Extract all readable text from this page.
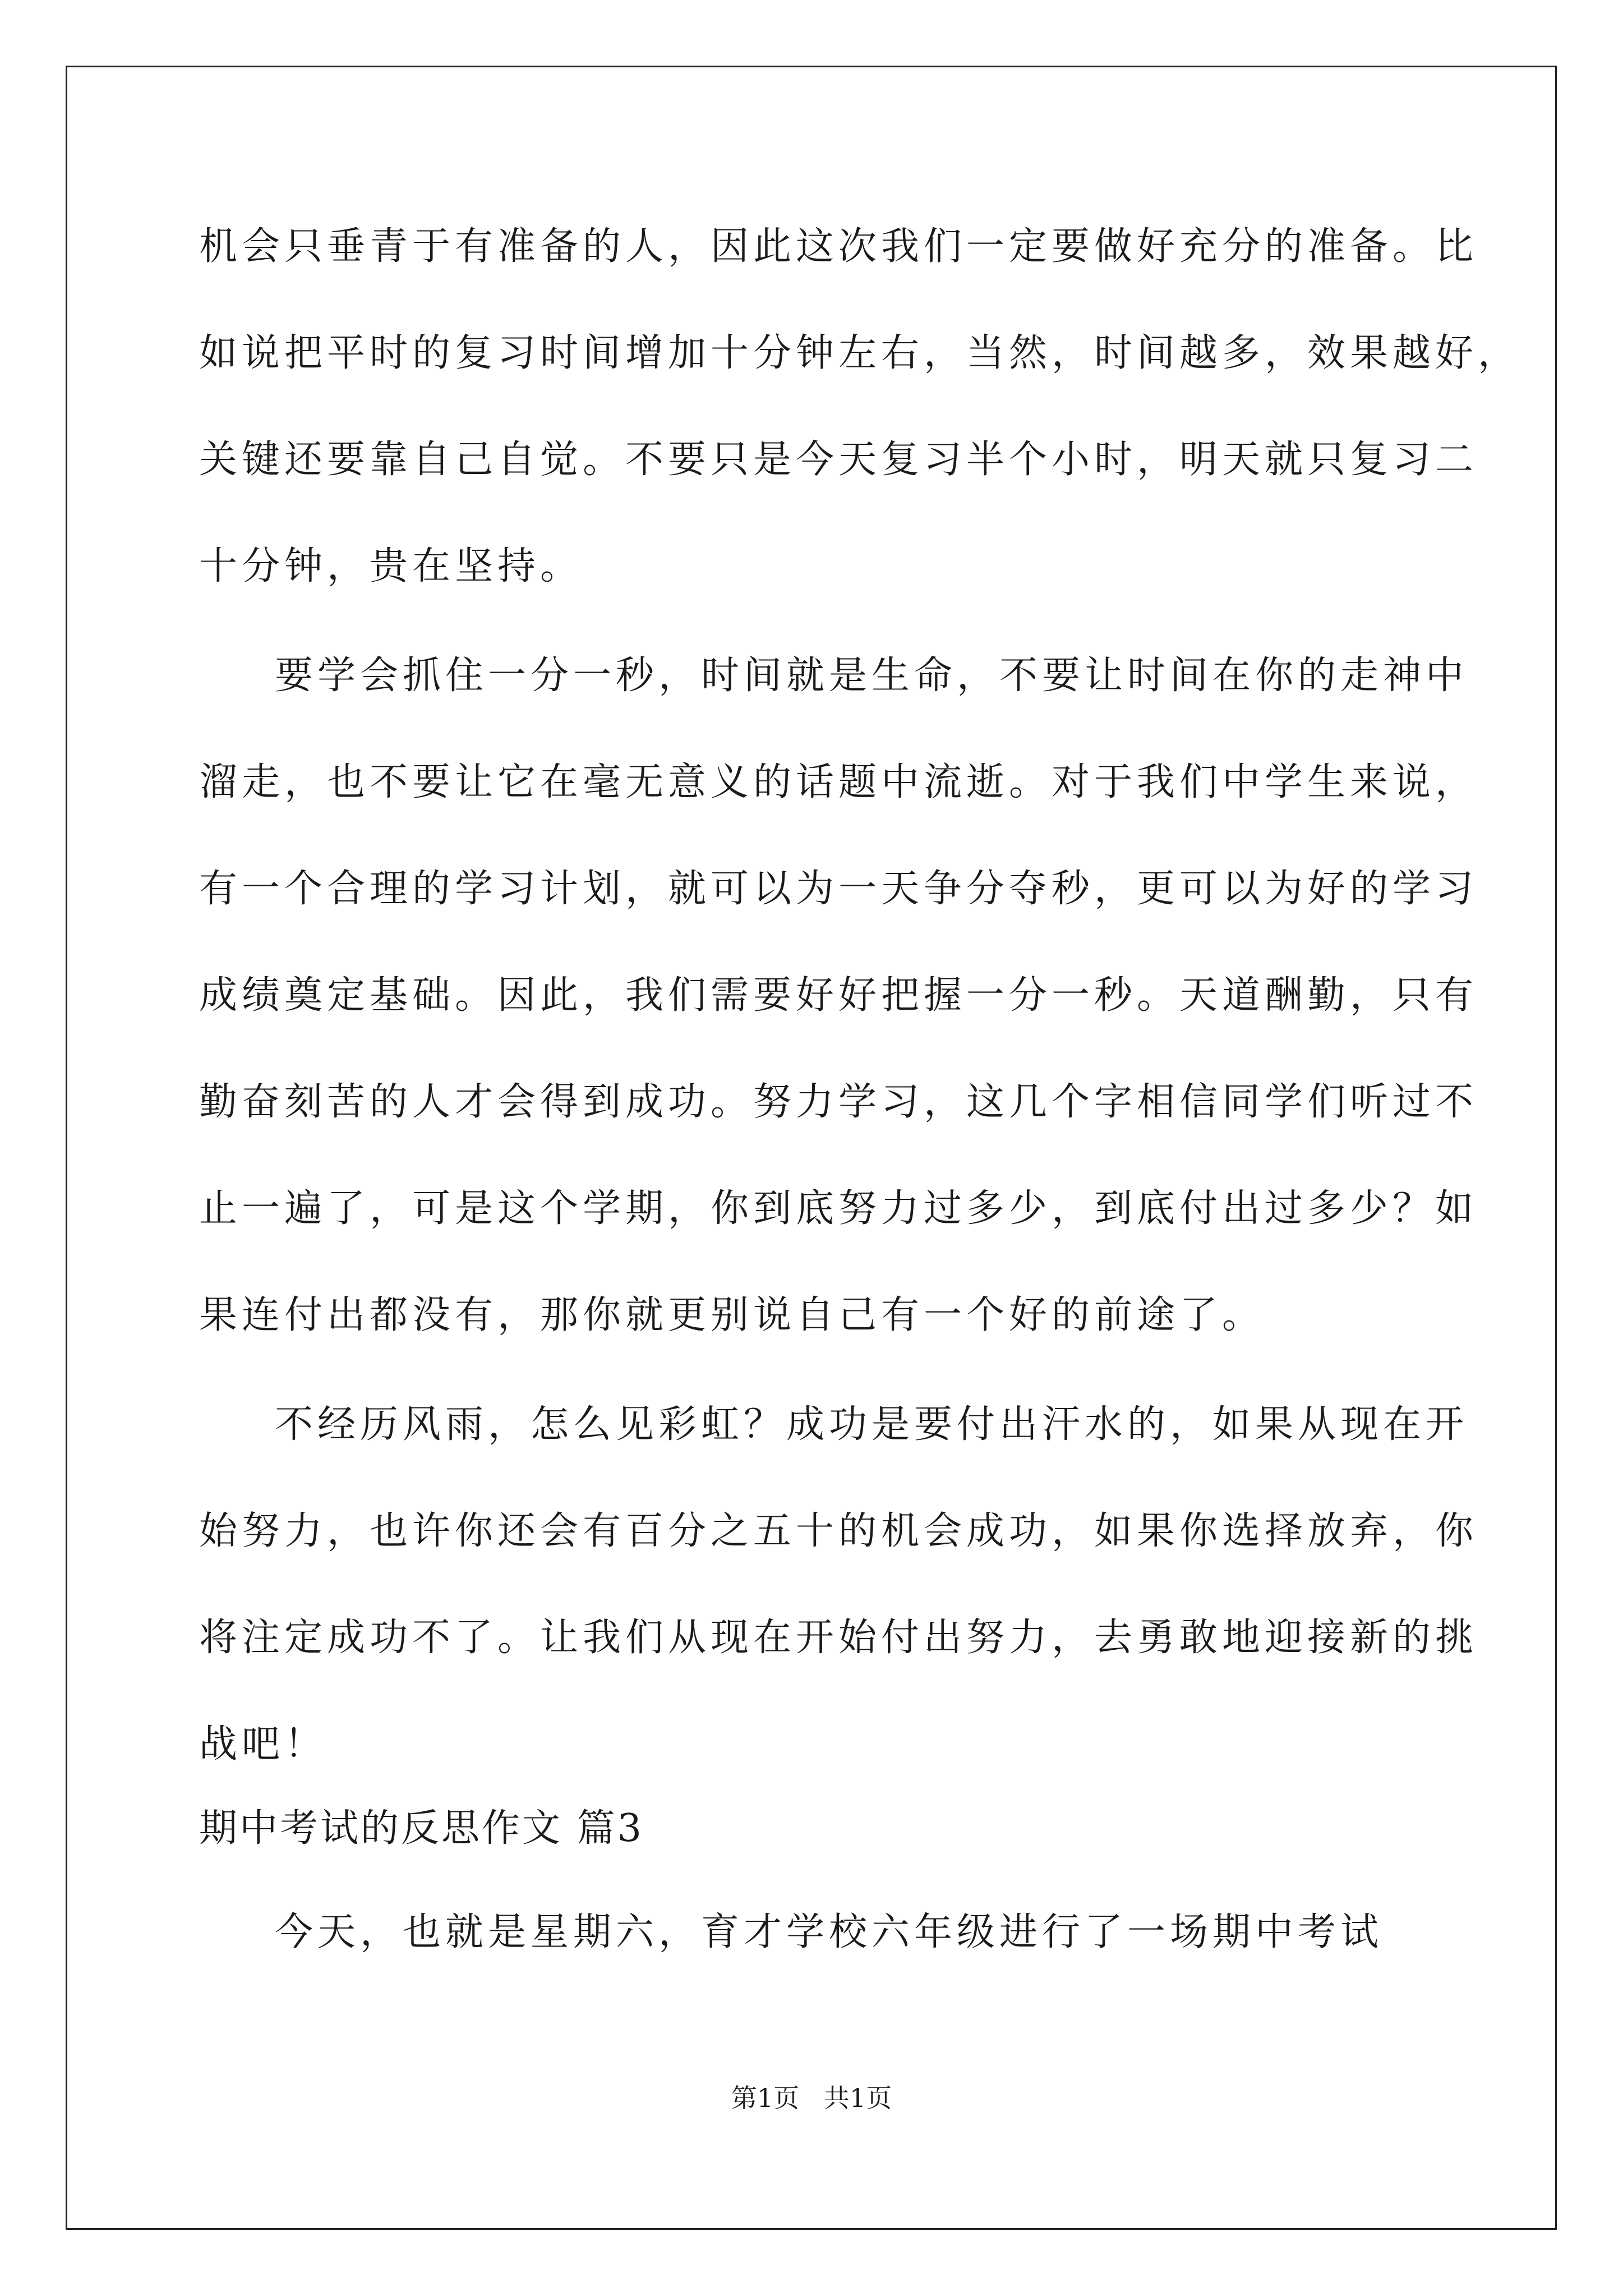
机会只垂青于有准备的人，因此这次我们一定要做好充分的准备。比
如说把平时的复习时间增加十分钟左右，当然，时间越多，效果越好，
关键还要靠自己自觉。不要只是今天复习半个小时，明天就只复习二
十分钟，贵在坚持。
要学会抓住一分一秒，时间就是生命，不要让时间在你的走神中
溜走，也不要让它在毫无意义的话题中流逝。对于我们中学生来说，
有一个合理的学习计划，就可以为一天争分夺秒，更可以为好的学习
成绩奠定基础。因此，我们需要好好把握一分一秒。天道酬勤，只有
勤奋刻苦的人才会得到成功。努力学习，这几个字相信同学们听过不
止一遍了，可是这个学期，你到底努力过多少，到底付出过多少？如
果连付出都没有，那你就更别说自己有一个好的前途了。
不经历风雨，怎么见彩虹？成功是要付出汗水的，如果从现在开
始努力，也许你还会有百分之五十的机会成功，如果你选择放弃，你
将注定成功不了。让我们从现在开始付出努力，去勇敢地迎接新的挑
战吧！
期中考试的反思作文 篇3
今天，也就是星期六，育才学校六年级进行了一场期中考试
第1页   共1页
